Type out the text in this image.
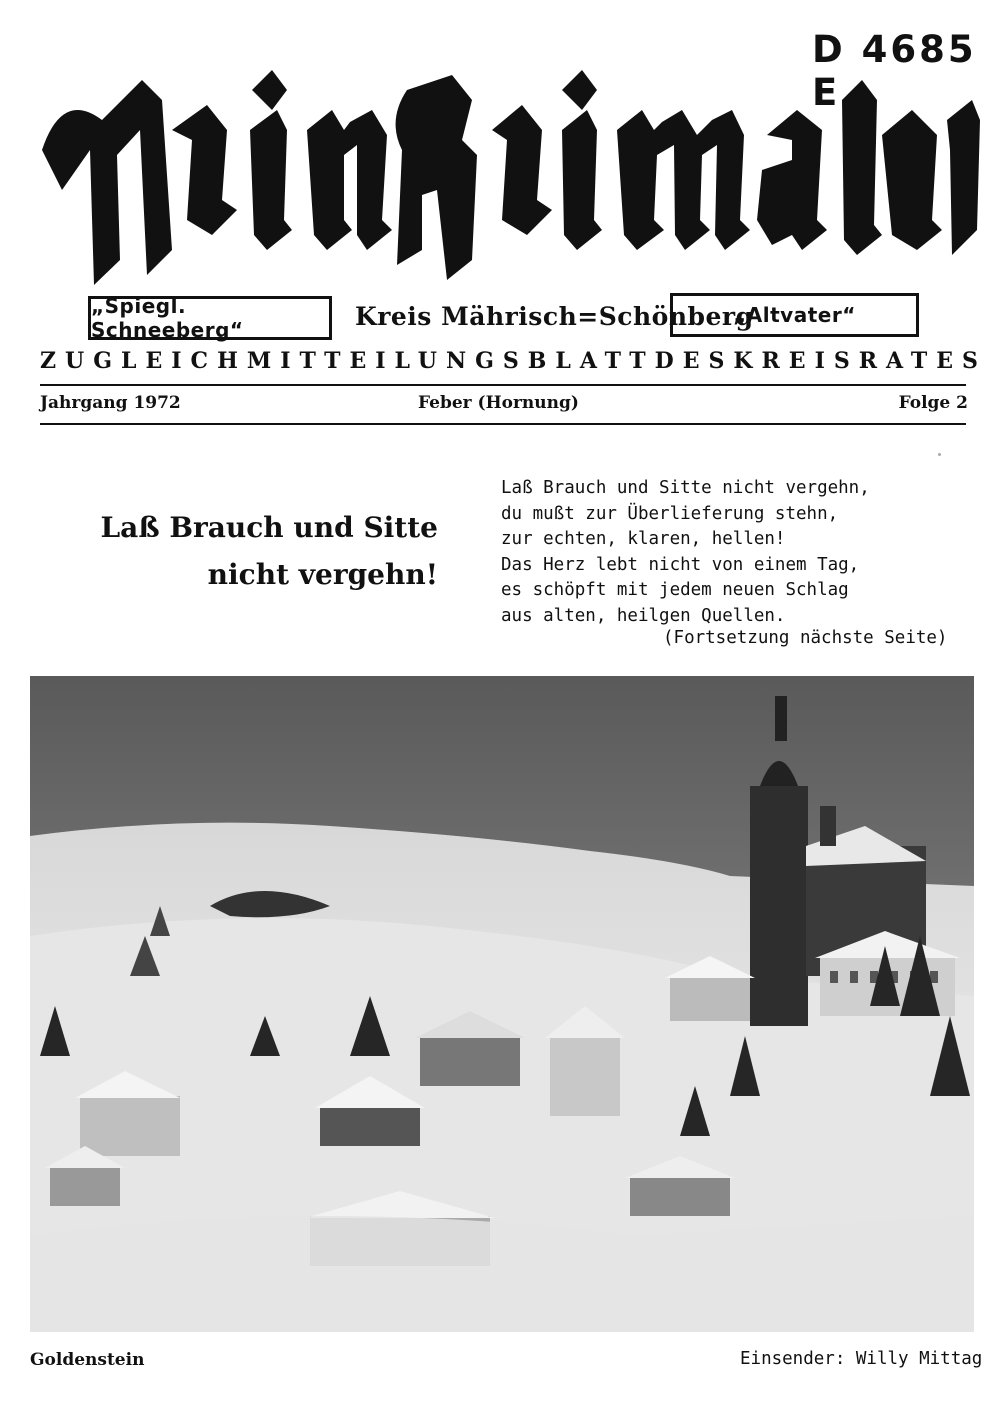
D 4685 E
„Spiegl. Schneeberg“	Kreis Mährisch=Schönberg
„Altvater“
ZUGLEICH MITTEILUNGSBLATT DES KREISRATES
Jahrgang 1972	Feber (Hornung)	Folge 2
Laß Brauch und Sitte
nicht vergehn!
Laß Brauch und Sitte nicht vergehn,
du mußt zur Überlieferung stehn,
zur echten, klaren, hellen!
Das Herz lebt nicht von einem Tag,
es schöpft mit jedem neuen Schlag
aus alten, heilgen Quellen.
(Fortsetzung nächste Seite)
Goldenstein	Einsender: Willy Mittag
